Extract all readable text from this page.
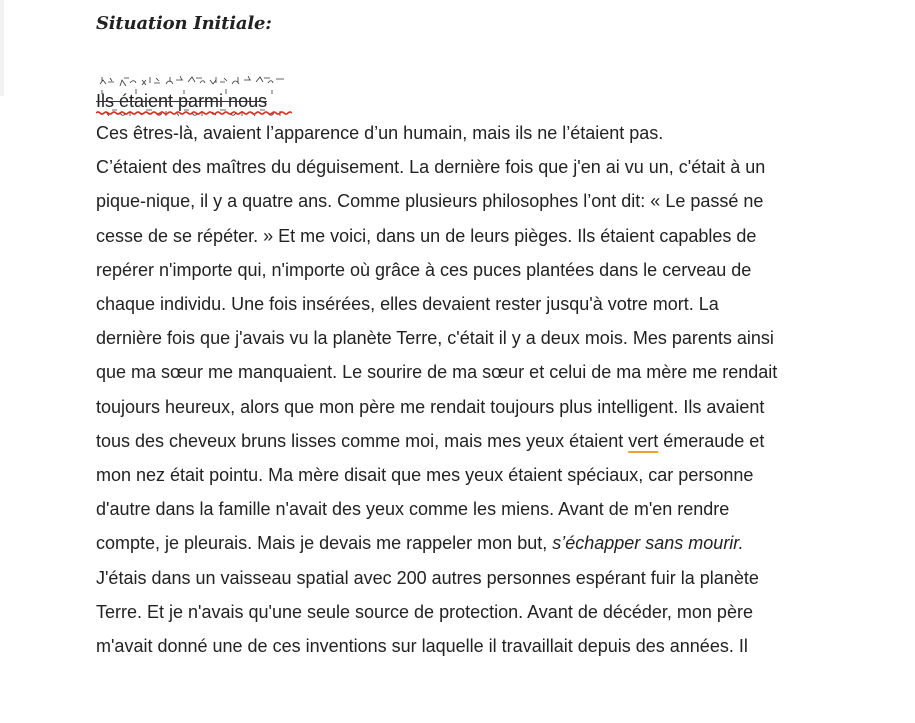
Situation Initiale:
Ils étaient parmi nous

Ces êtres-là, avaient l’apparence d’un humain, mais ils ne l’étaient pas.
C’étaient des maîtres du déguisement. La dernière fois que j'en ai vu un, c'était à un
pique-nique, il y a quatre ans. Comme plusieurs philosophes l’ont dit: « Le passé ne
cesse de se répéter. » Et me voici, dans un de leurs pièges. Ils étaient capables de
repérer n'importe qui, n'importe où grâce à ces puces plantées dans le cerveau de
chaque individu. Une fois insérées, elles devaient rester jusqu'à votre mort. La
dernière fois que j'avais vu la planète Terre, c'était il y a deux mois. Mes parents ainsi
que ma sœur me manquaient. Le sourire de ma sœur et celui de ma mère me rendait
toujours heureux, alors que mon père me rendait toujours plus intelligent. Ils avaient
tous des cheveux bruns lisses comme moi, mais mes yeux étaient vert émeraude et
mon nez était pointu. Ma mère disait que mes yeux étaient spéciaux, car personne
d'autre dans la famille n'avait des yeux comme les miens. Avant de m'en rendre
compte, je pleurais. Mais je devais me rappeler mon but, s’échapper sans mourir.
J'étais dans un vaisseau spatial avec 200 autres personnes espérant fuir la planète
Terre. Et je n'avais qu'une seule source de protection. Avant de décéder, mon père
m'avait donné une de ces inventions sur laquelle il travaillait depuis des années. Il
